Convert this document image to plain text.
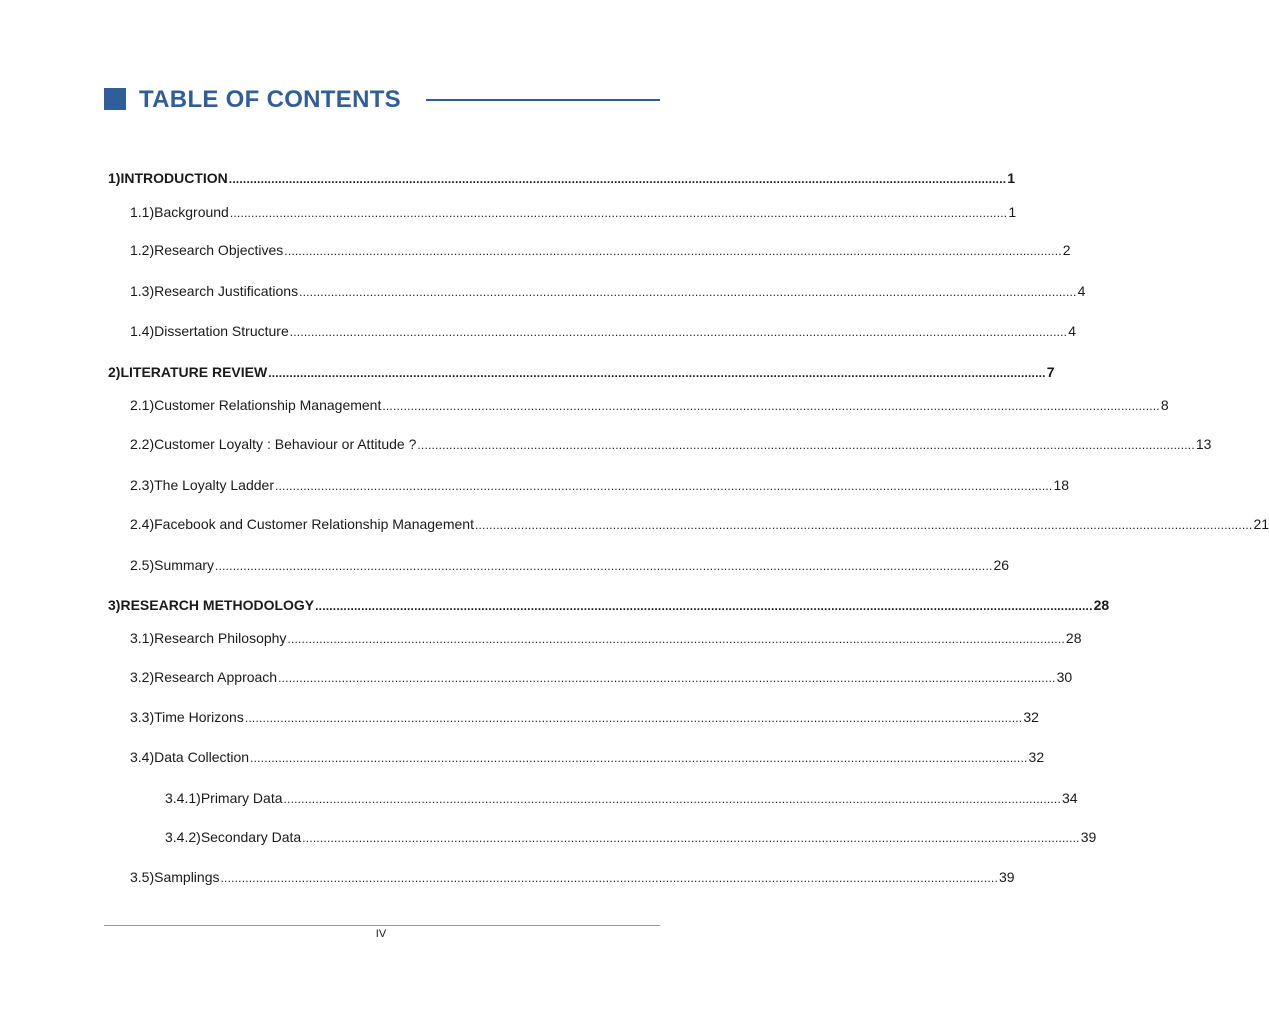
TABLE OF CONTENTS
1) INTRODUCTION ............................................................................................................................................................................................................................ 1
1.1) Background ............................................................................................................................................................................................................................ 1
1.2) Research Objectives ............................................................................................................................................................................................................................ 2
1.3) Research Justifications ............................................................................................................................................................................................................................ 4
1.4) Dissertation Structure ............................................................................................................................................................................................................................ 4
2) LITERATURE REVIEW ............................................................................................................................................................................................................................ 7
2.1) Customer Relationship Management ............................................................................................................................................................................................................................ 8
2.2) Customer Loyalty : Behaviour or Attitude ? ............................................................................................................................................................................................................................ 13
2.3) The Loyalty Ladder ............................................................................................................................................................................................................................ 18
2.4) Facebook and Customer Relationship Management ............................................................................................................................................................................................................................ 21
2.5) Summary ............................................................................................................................................................................................................................ 26
3) RESEARCH METHODOLOGY ............................................................................................................................................................................................................................ 28
3.1) Research Philosophy ............................................................................................................................................................................................................................ 28
3.2) Research Approach ............................................................................................................................................................................................................................ 30
3.3) Time Horizons ............................................................................................................................................................................................................................ 32
3.4) Data Collection ............................................................................................................................................................................................................................ 32
3.4.1) Primary Data ............................................................................................................................................................................................................................ 34
3.4.2) Secondary Data ............................................................................................................................................................................................................................ 39
3.5) Samplings ............................................................................................................................................................................................................................ 39
IV
